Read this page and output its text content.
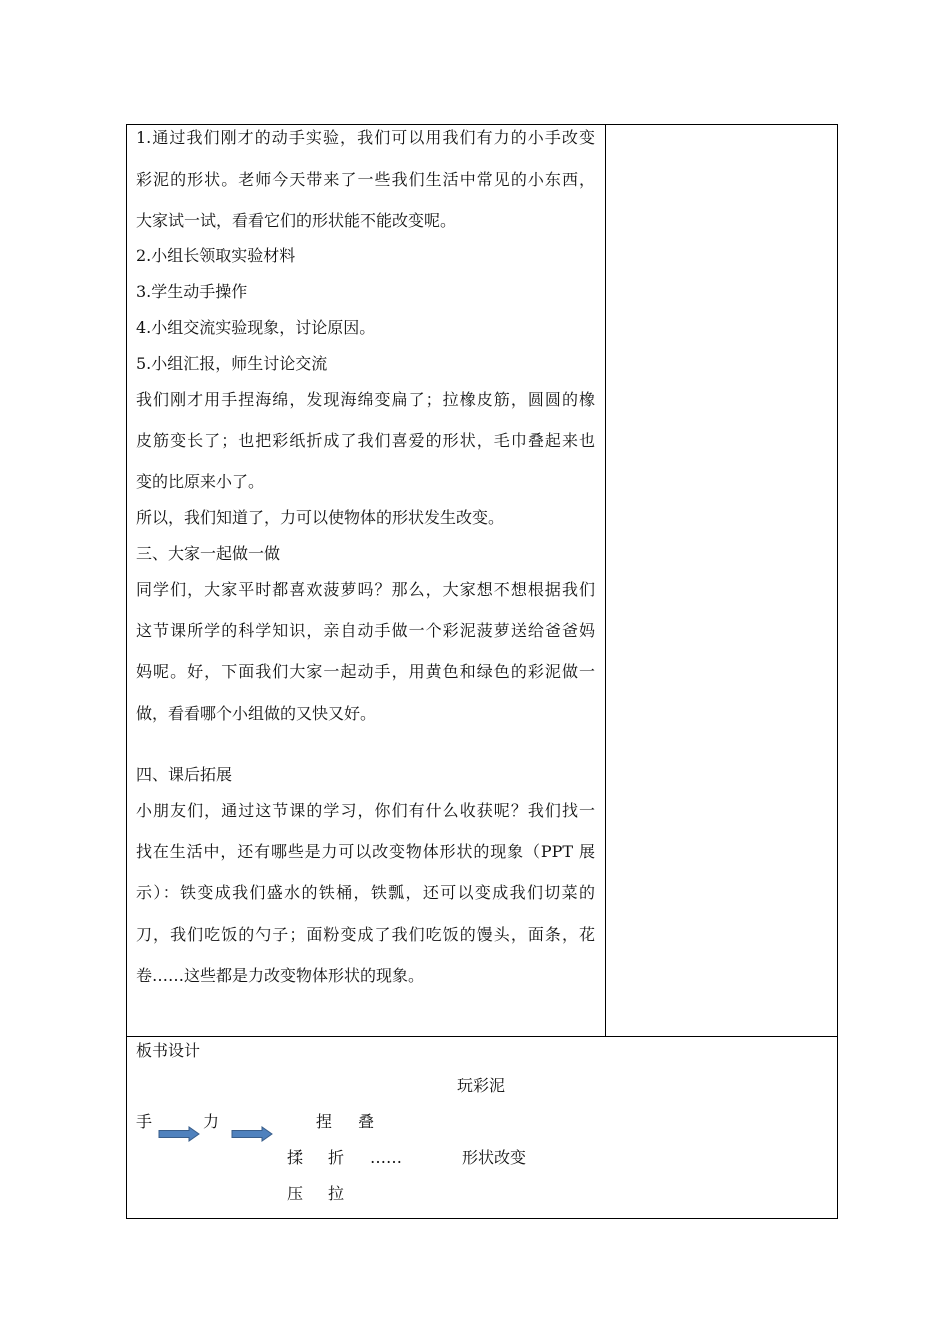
1.通过我们刚才的动手实验，我们可以用我们有力的小手改变
彩泥的形状。老师今天带来了一些我们生活中常见的小东西，
大家试一试，看看它们的形状能不能改变呢。
2.小组长领取实验材料
3.学生动手操作
4.小组交流实验现象，讨论原因。
5.小组汇报，师生讨论交流
我们刚才用手捏海绵，发现海绵变扁了；拉橡皮筋，圆圆的橡
皮筋变长了；也把彩纸折成了我们喜爱的形状，毛巾叠起来也
变的比原来小了。
所以，我们知道了，力可以使物体的形状发生改变。
三、大家一起做一做
同学们，大家平时都喜欢菠萝吗？那么，大家想不想根据我们
这节课所学的科学知识，亲自动手做一个彩泥菠萝送给爸爸妈
妈呢。好，下面我们大家一起动手，用黄色和绿色的彩泥做一
做，看看哪个小组做的又快又好。
四、课后拓展
小朋友们，通过这节课的学习，你们有什么收获呢？我们找一
找在生活中，还有哪些是力可以改变物体形状的现象（PPT 展
示）：铁变成我们盛水的铁桶，铁瓢，还可以变成我们切菜的
刀，我们吃饭的勺子；面粉变成了我们吃饭的馒头，面条，花
卷……这些都是力改变物体形状的现象。
板书设计
玩彩泥
手	力	捏 叠
揉 折 ……	形状改变
压 拉
